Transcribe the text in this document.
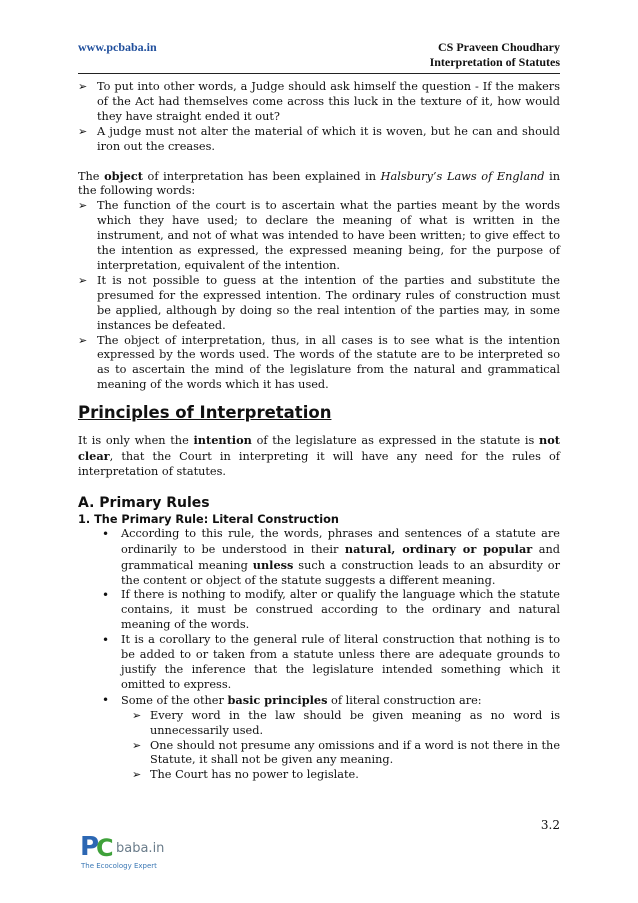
www.pcbaba.in	CS Praveen Choudhary
Interpretation of Statutes
➢ To put into other words, a Judge should ask himself the question - If the makers of the Act had themselves come across this luck in the texture of it, how would they have straight ended it out?
➢ A judge must not alter the material of which it is woven, but he can and should iron out the creases.

The object of interpretation has been explained in Halsbury’s Laws of England in the following words:

➢ The function of the court is to ascertain what the parties meant by the words which they have used; to declare the meaning of what is written in the instrument, and not of what was intended to have been written; to give effect to the intention as expressed, the expressed meaning being, for the purpose of interpretation, equivalent of the intention.
➢ It is not possible to guess at the intention of the parties and substitute the presumed for the expressed intention. The ordinary rules of construction must be applied, although by doing so the real intention of the parties may, in some instances be defeated.
➢ The object of interpretation, thus, in all cases is to see what is the intention expressed by the words used. The words of the statute are to be interpreted so as to ascertain the mind of the legislature from the natural and grammatical meaning of the words which it has used.
Principles of Interpretation

It is only when the intention of the legislature as expressed in the statute is not clear, that the Court in interpreting it will have any need for the rules of interpretation of statutes.

A. Primary Rules
1. The Primary Rule: Literal Construction
• According to this rule, the words, phrases and sentences of a statute are ordinarily to be understood in their natural, ordinary or popular and grammatical meaning unless such a construction leads to an absurdity or the content or object of the statute suggests a different meaning.
• If there is nothing to modify, alter or qualify the language which the statute contains, it must be construed according to the ordinary and natural meaning of the words.
• It is a corollary to the general rule of literal construction that nothing is to be added to or taken from a statute unless there are adequate grounds to justify the inference that the legislature intended something which it omitted to express.
• Some of the other basic principles of literal construction are:
➢ Every word in the law should be given meaning as no word is unnecessarily used.
➢ One should not presume any omissions and if a word is not there in the Statute, it shall not be given any meaning.
➢ The Court has no power to legislate.
3.2
P
C baba.in
The Ecocology Expert
